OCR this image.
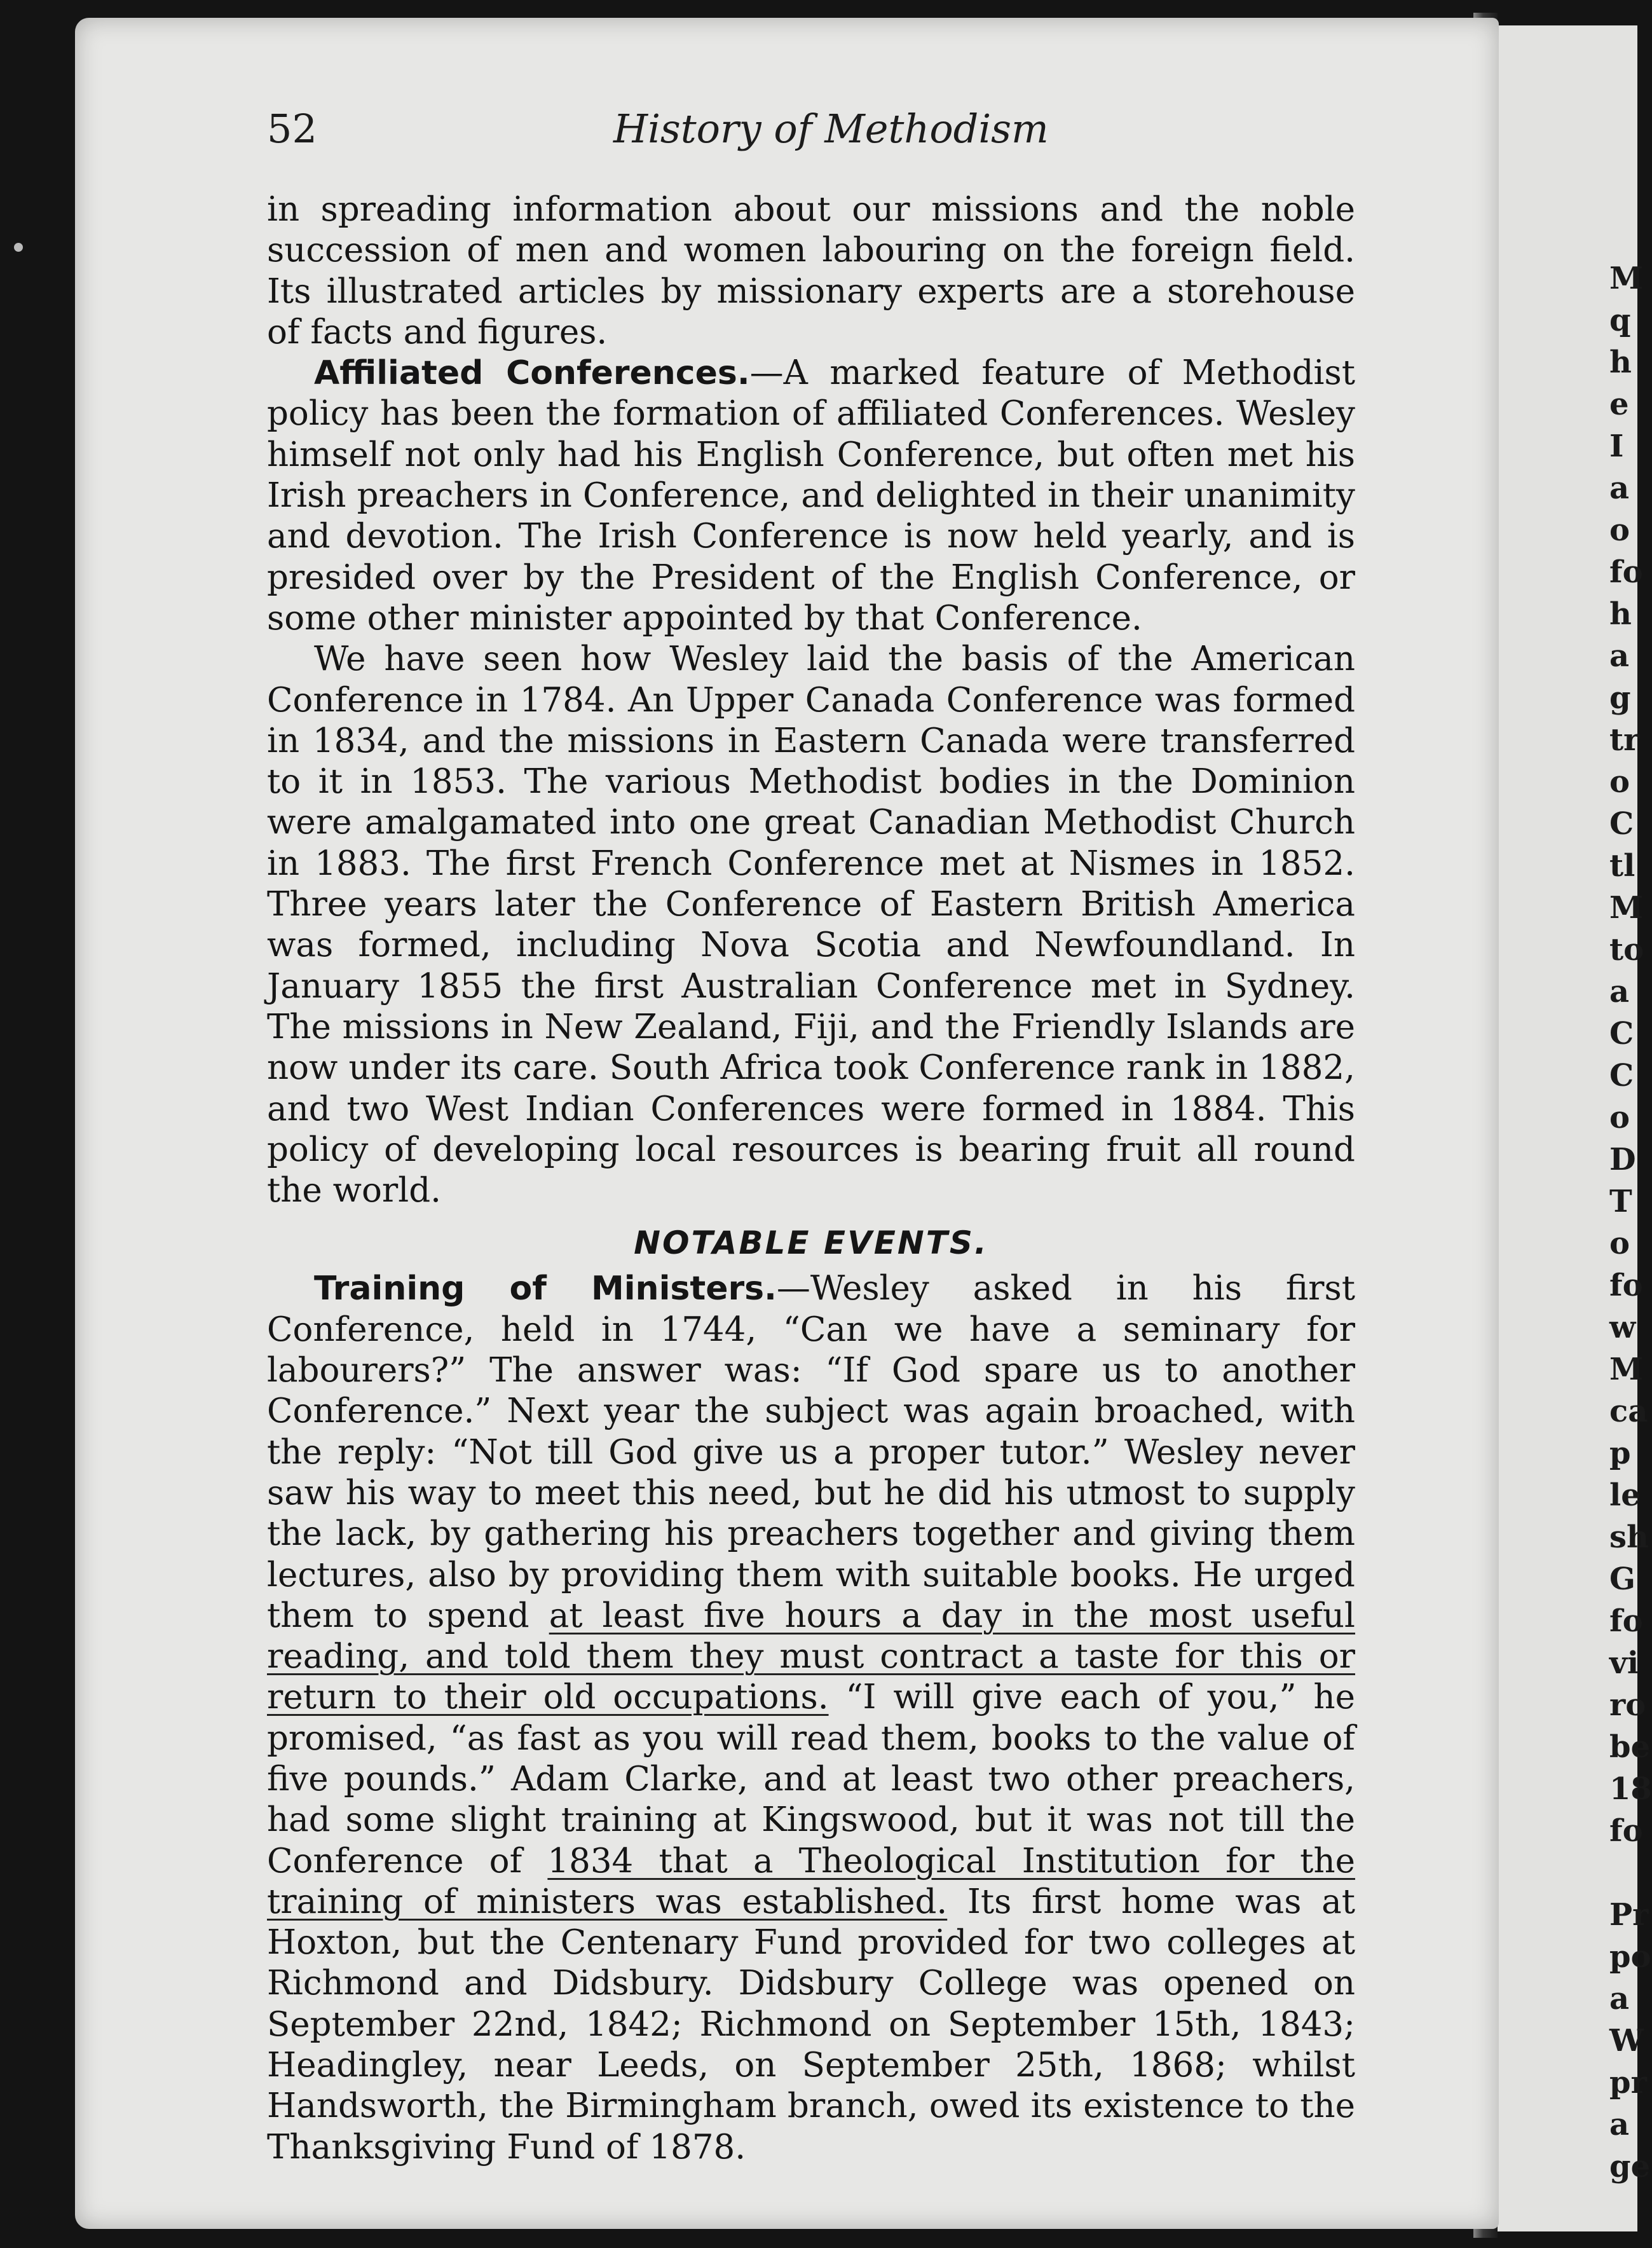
M
q
h
e
I
a
o
fo
h
a
g
tr
o
C
tl
M
to
a
C
C
o
D
T
o
fo
w
M
ca
p
le
sh
G
fo
vi
ro
be
18
fo
Pr
po
a
W
pr
a
ge
52	History of Methodism

in spreading information about our missions and the noble succession of men and women labouring on the foreign field. Its illustrated articles by missionary experts are a storehouse of facts and figures.

Affiliated Conferences.—A marked feature of Methodist policy has been the formation of affiliated Conferences. Wesley himself not only had his English Conference, but often met his Irish preachers in Conference, and delighted in their unanimity and devotion. The Irish Conference is now held yearly, and is presided over by the President of the English Conference, or some other minister appointed by that Conference.

We have seen how Wesley laid the basis of the American Conference in 1784. An Upper Canada Conference was formed in 1834, and the missions in Eastern Canada were transferred to it in 1853. The various Methodist bodies in the Dominion were amalgamated into one great Canadian Methodist Church in 1883. The first French Conference met at Nismes in 1852. Three years later the Conference of Eastern British America was formed, including Nova Scotia and Newfoundland. In January 1855 the first Australian Conference met in Sydney. The missions in New Zealand, Fiji, and the Friendly Islands are now under its care. South Africa took Conference rank in 1882, and two West Indian Conferences were formed in 1884. This policy of developing local resources is bearing fruit all round the world.

NOTABLE EVENTS.

Training of Ministers.—Wesley asked in his first Conference, held in 1744, “Can we have a seminary for labourers?” The answer was: “If God spare us to another Conference.” Next year the subject was again broached, with the reply: “Not till God give us a proper tutor.” Wesley never saw his way to meet this need, but he did his utmost to supply the lack, by gathering his preachers together and giving them lectures, also by providing them with suitable books. He urged them to spend at least five hours a day in the most useful reading, and told them they must contract a taste for this or return to their old occupations. “I will give each of you,” he promised, “as fast as you will read them, books to the value of five pounds.” Adam Clarke, and at least two other preachers, had some slight training at Kingswood, but it was not till the Conference of 1834 that a Theological Institution for the training of ministers was established. Its first home was at Hoxton, but the Centenary Fund provided for two colleges at Richmond and Didsbury. Didsbury College was opened on September 22nd, 1842; Richmond on September 15th, 1843; Headingley, near Leeds, on September 25th, 1868; whilst Handsworth, the Birmingham branch, owed its existence to the Thanksgiving Fund of 1878.
